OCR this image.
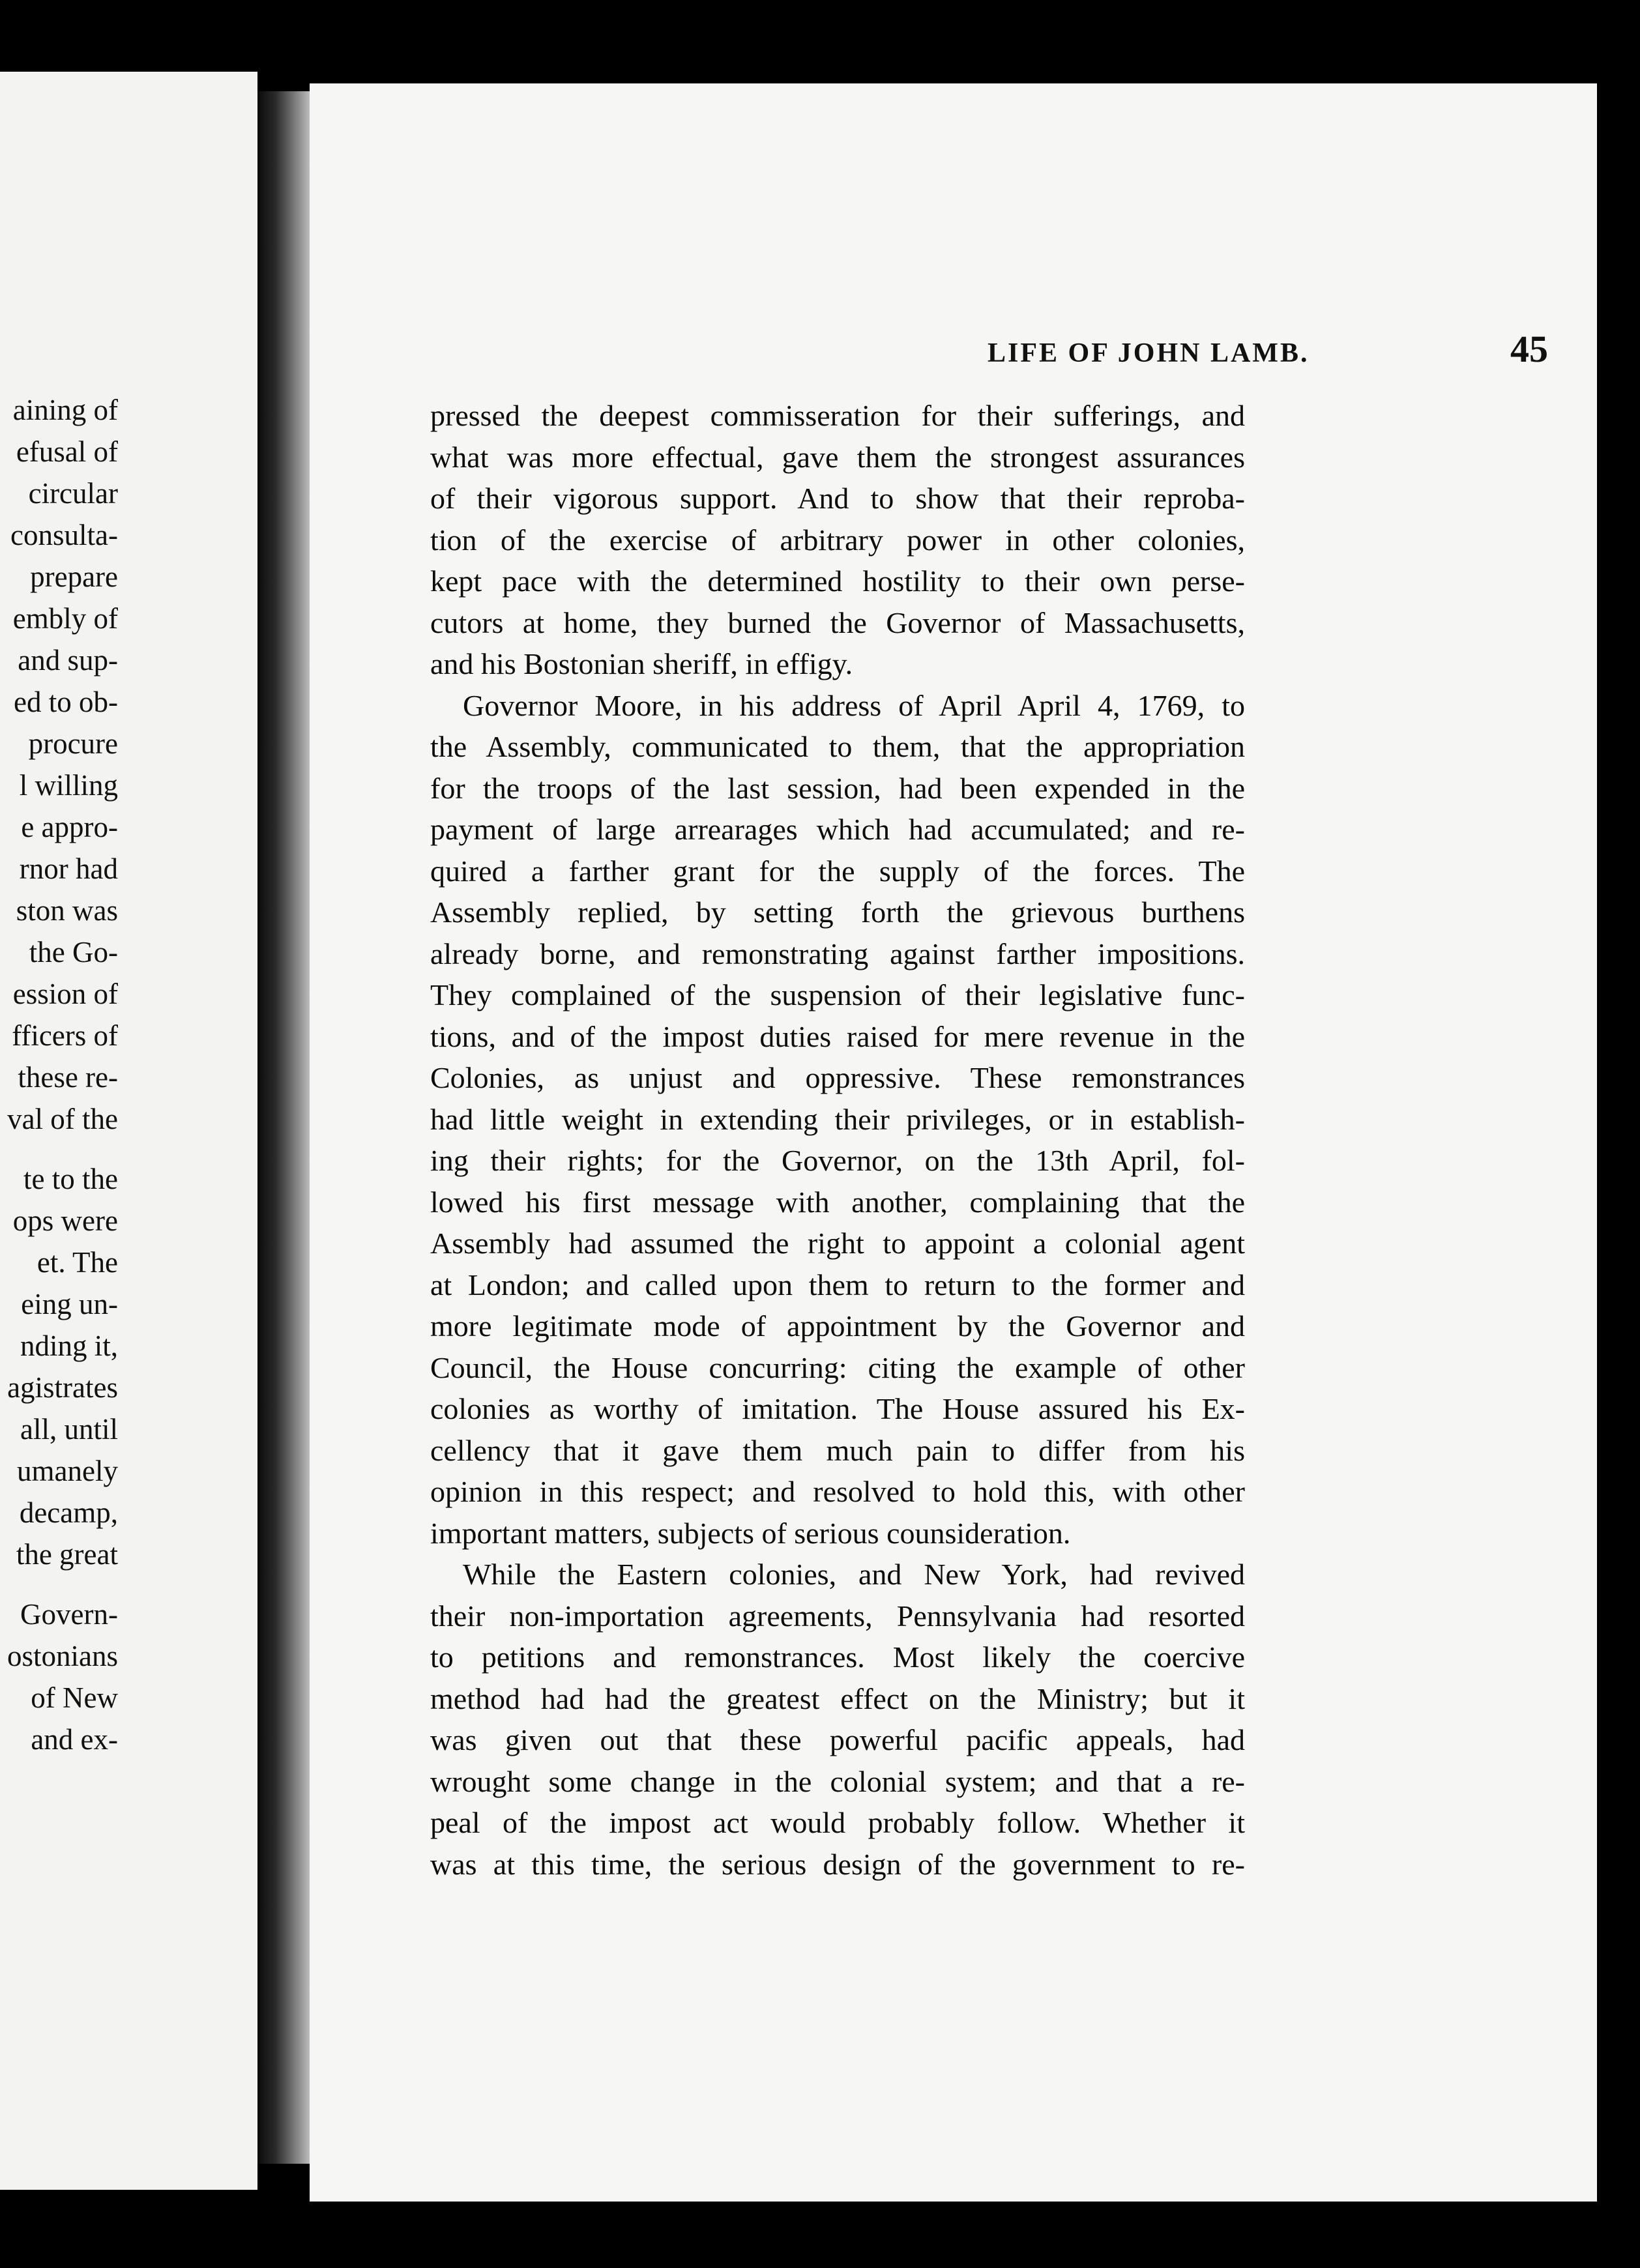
aining of
efusal of
circular
consulta-
prepare
embly of
and sup-
ed to ob-
procure
l willing
e appro-
rnor had
ston was
the Go-
ession of
fficers of
these re-
val of the
te to the
ops were
et. The
eing un-
nding it,
agistrates
all, until
umanely
decamp,
the great
Govern-
ostonians
of New
and ex-
LIFE OF JOHN LAMB.	45
pressed the deepest commisseration for their sufferings, and
what was more effectual, gave them the strongest assurances
of their vigorous support. And to show that their reproba-
tion of the exercise of arbitrary power in other colonies,
kept pace with the determined hostility to their own perse-
cutors at home, they burned the Governor of Massachusetts,
and his Bostonian sheriff, in effigy.
Governor Moore, in his address of April April 4, 1769, to
the Assembly, communicated to them, that the appropriation
for the troops of the last session, had been expended in the
payment of large arrearages which had accumulated; and re-
quired a farther grant for the supply of the forces. The
Assembly replied, by setting forth the grievous burthens
already borne, and remonstrating against farther impositions.
They complained of the suspension of their legislative func-
tions, and of the impost duties raised for mere revenue in the
Colonies, as unjust and oppressive. These remonstrances
had little weight in extending their privileges, or in establish-
ing their rights; for the Governor, on the 13th April, fol-
lowed his first message with another, complaining that the
Assembly had assumed the right to appoint a colonial agent
at London; and called upon them to return to the former and
more legitimate mode of appointment by the Governor and
Council, the House concurring: citing the example of other
colonies as worthy of imitation. The House assured his Ex-
cellency that it gave them much pain to differ from his
opinion in this respect; and resolved to hold this, with other
important matters, subjects of serious counsideration.
While the Eastern colonies, and New York, had revived
their non-importation agreements, Pennsylvania had resorted
to petitions and remonstrances. Most likely the coercive
method had had the greatest effect on the Ministry; but it
was given out that these powerful pacific appeals, had
wrought some change in the colonial system; and that a re-
peal of the impost act would probably follow. Whether it
was at this time, the serious design of the government to re-
